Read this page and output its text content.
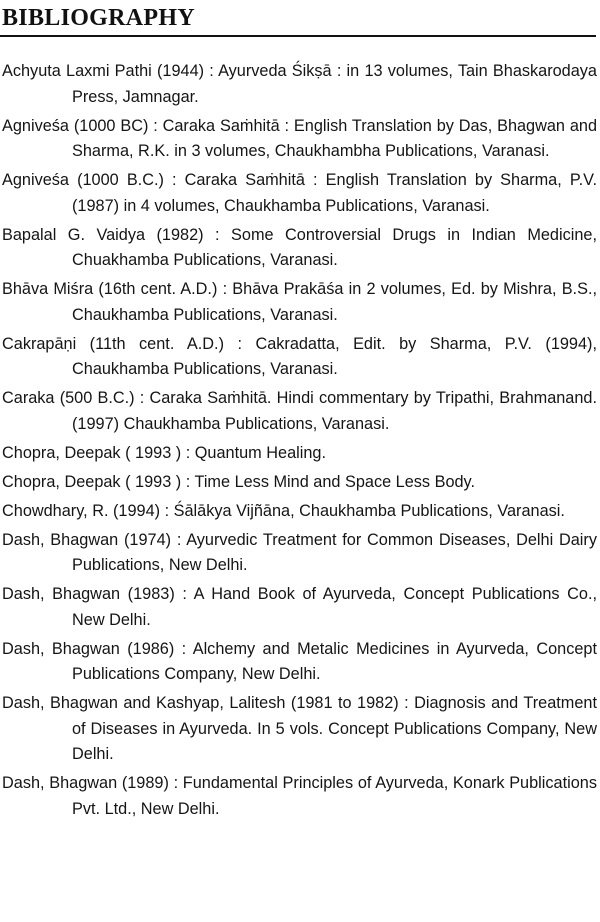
BIBLIOGRAPHY
Achyuta Laxmi Pathi (1944) : Ayurveda Śikṣā : in 13 volumes, Tain Bhaskarodaya Press, Jamnagar.
Agniveśa (1000 BC) : Caraka Saṁhitā : English Translation by Das, Bhagwan and Sharma, R.K. in 3 volumes, Chaukhambha Publications, Varanasi.
Agniveśa (1000 B.C.) : Caraka Saṁhitā : English Translation by Sharma, P.V. (1987) in 4 volumes, Chaukhamba Publications, Varanasi.
Bapalal G. Vaidya (1982) : Some Controversial Drugs in Indian Medicine, Chuakhamba Publications, Varanasi.
Bhāva Miśra (16th cent. A.D.) : Bhāva Prakāśa in 2 volumes, Ed. by Mishra, B.S., Chaukhamba Publications, Varanasi.
Cakrapāṇi (11th cent. A.D.) : Cakradatta, Edit. by Sharma, P.V. (1994), Chaukhamba Publications, Varanasi.
Caraka (500 B.C.) : Caraka Saṁhitā. Hindi commentary by Tripathi, Brahmanand. (1997) Chaukhamba Publications, Varanasi.
Chopra, Deepak ( 1993 ) : Quantum Healing.
Chopra, Deepak ( 1993 ) : Time Less Mind and Space Less Body.
Chowdhary, R. (1994) : Śālākya Vijñāna, Chaukhamba Publications, Varanasi.
Dash, Bhagwan (1974) : Ayurvedic Treatment for Common Diseases, Delhi Dairy Publications, New Delhi.
Dash, Bhagwan (1983) : A Hand Book of Ayurveda, Concept Publications Co., New Delhi.
Dash, Bhagwan (1986) : Alchemy and Metalic Medicines in Ayurveda, Concept Publications Company, New Delhi.
Dash, Bhagwan and Kashyap, Lalitesh (1981 to 1982) : Diagnosis and Treatment of Diseases in Ayurveda. In 5 vols. Concept Publications Company, New Delhi.
Dash, Bhagwan (1989) : Fundamental Principles of Ayurveda, Konark Publications Pvt. Ltd., New Delhi.
